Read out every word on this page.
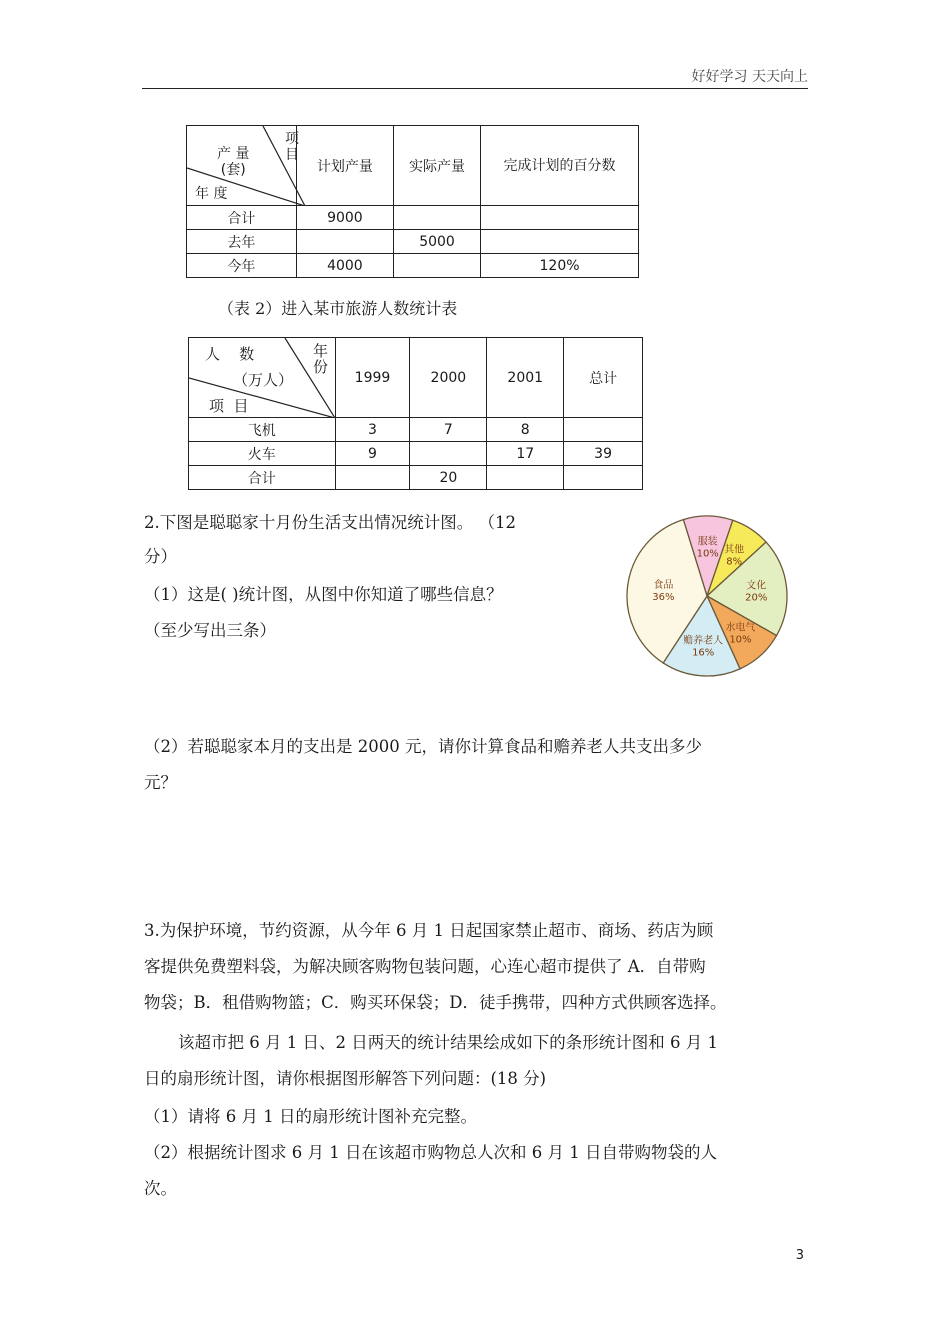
好好学习 天天向上
项
目
产 量
(套)
年 度	计划产量	实际产量	完成计划的百分数
合计	9000		
去年		5000	
今年	4000		120%
（表 2）进入某市旅游人数统计表
年
份
人    数
（万人）
项  目	1999	2000	2001	总计
飞机	3	7	8	
火车	9		17	39
合计		20		
2.下图是聪聪家十月份生活支出情况统计图。 （12
分）
（1）这是( )统计图，从图中你知道了哪些信息？
（至少写出三条）
（2）若聪聪家本月的支出是 2000 元，请你计算食品和赡养老人共支出多少
元？
服装
10% 其他
8%
文化
20%
水电气
10%
赡养老人
16%
食品
36%
3.为保护环境，节约资源，从今年 6 月 1 日起国家禁止超市、商场、药店为顾
客提供免费塑料袋，为解决顾客购物包装问题，心连心超市提供了 A．自带购
物袋；B．租借购物篮；C．购买环保袋；D．徒手携带，四种方式供顾客选择。
该超市把 6 月 1 日、2 日两天的统计结果绘成如下的条形统计图和 6 月 1
日的扇形统计图，请你根据图形解答下列问题：(18 分)
（1）请将 6 月 1 日的扇形统计图补充完整。
（2）根据统计图求 6 月 1 日在该超市购物总人次和 6 月 1 日自带购物袋的人
次。
3
